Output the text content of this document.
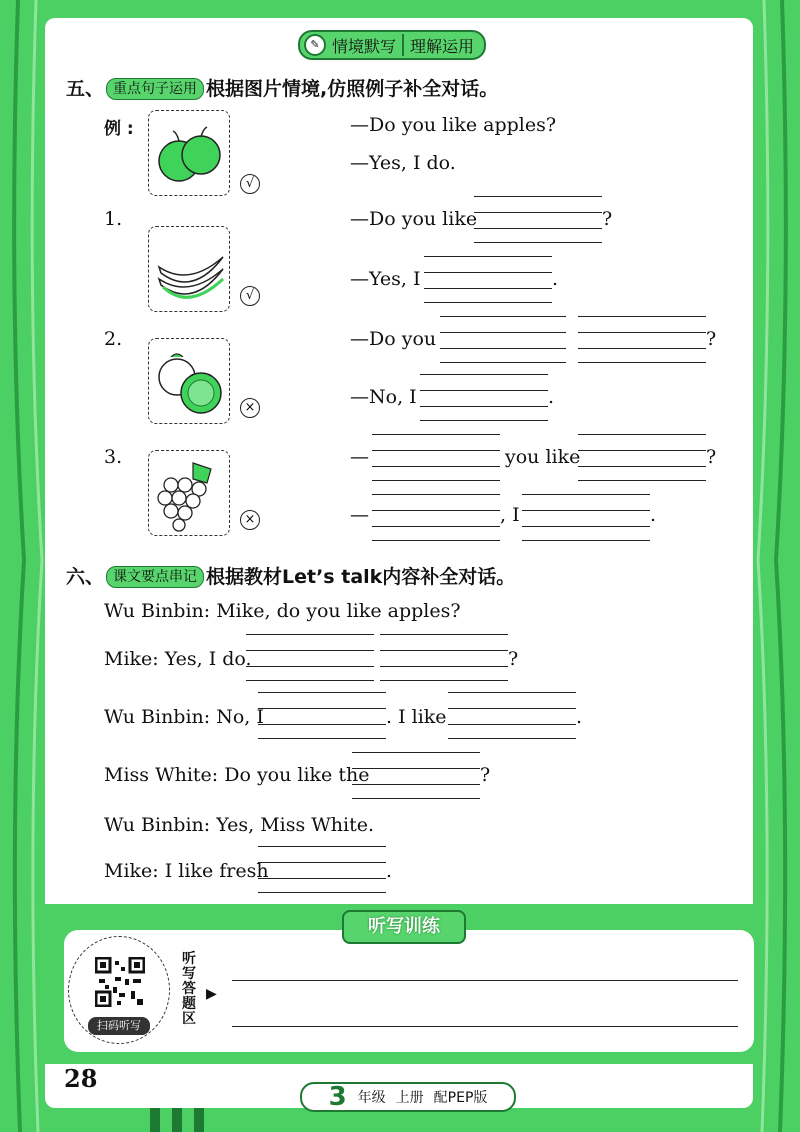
✎ 情境默写 理解运用
五、 重点句子运用 根据图片情境,仿照例子补全对话。
例 :
√
—Do you like apples?
—Yes, I do.
1.
√
—Do you like	?
—Yes, I	.
2.
×
—Do you	?
—No, I	.
3.
×
—	you like	?
—	, I	.
六、 课文要点串记 根据教材Let’s talk内容补全对话。
Wu Binbin: Mike, do you like apples?
Mike: Yes, I do.	?
Wu Binbin: No, I	. I like	.
Miss White: Do you like the	?
Wu Binbin: Yes, Miss White.
Mike: I like fresh	.
听写训练
扫码听写
听写答题区
▶
28
3 年级 上册 配PEP版
